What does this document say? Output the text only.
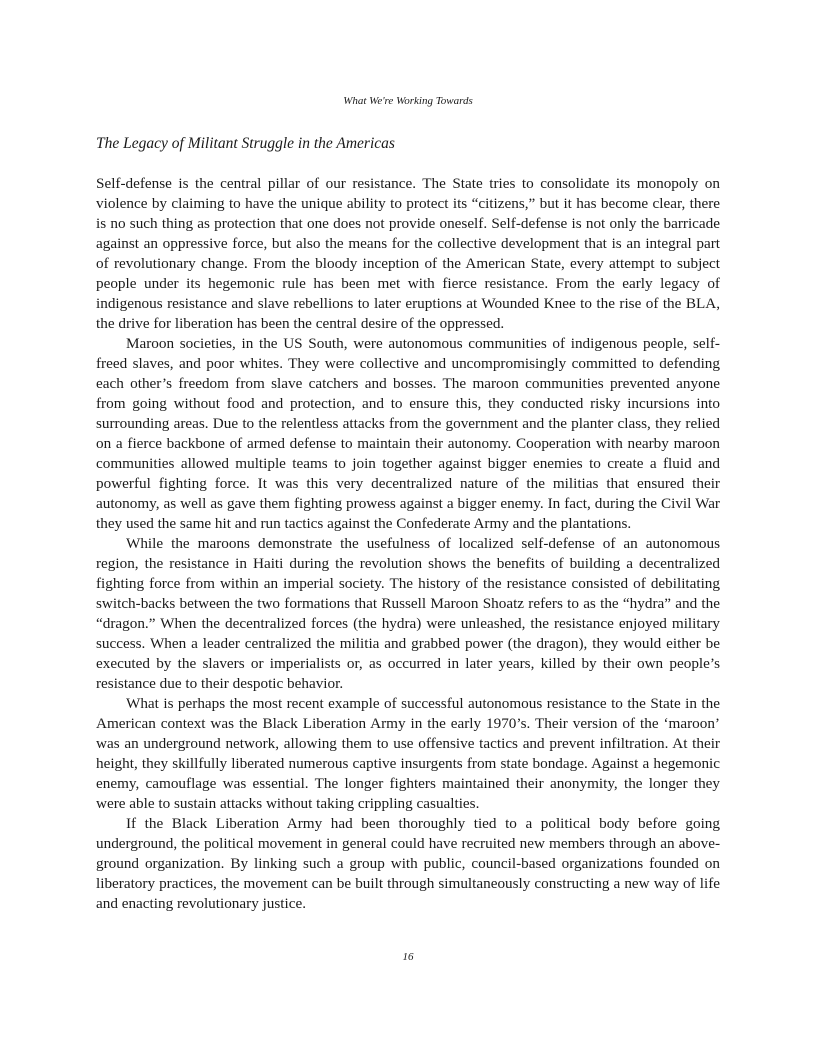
What We're Working Towards
The Legacy of Militant Struggle in the Americas

Self-defense is the central pillar of our resistance. The State tries to consolidate its monopoly on violence by claiming to have the unique ability to protect its “citizens,” but it has become clear, there is no such thing as protection that one does not provide oneself. Self-defense is not only the barricade against an oppressive force, but also the means for the collective development that is an integral part of revolutionary change. From the bloody inception of the American State, every attempt to subject people under its hegemonic rule has been met with fierce resistance. From the early legacy of indigenous resistance and slave rebellions to later eruptions at Wounded Knee to the rise of the BLA, the drive for liberation has been the central desire of the oppressed.

Maroon societies, in the US South, were autonomous communities of indigenous people, self-freed slaves, and poor whites. They were collective and uncompromisingly committed to defending each other’s freedom from slave catchers and bosses. The maroon communities prevented anyone from going without food and protection, and to ensure this, they conducted risky incursions into surrounding areas. Due to the relentless attacks from the government and the planter class, they relied on a fierce backbone of armed defense to maintain their autonomy. Cooperation with nearby maroon communities allowed multiple teams to join together against bigger enemies to create a fluid and powerful fighting force. It was this very decentralized nature of the militias that ensured their autonomy, as well as gave them fighting prowess against a bigger enemy. In fact, during the Civil War they used the same hit and run tactics against the Confederate Army and the plantations.

While the maroons demonstrate the usefulness of localized self-defense of an autonomous region, the resistance in Haiti during the revolution shows the benefits of building a decentralized fighting force from within an imperial society. The history of the resistance consisted of debilitating switch-backs between the two formations that Russell Maroon Shoatz refers to as the “hydra” and the “dragon.” When the decentralized forces (the hydra) were unleashed, the resistance enjoyed military success. When a leader centralized the militia and grabbed power (the dragon), they would either be executed by the slavers or imperialists or, as occurred in later years, killed by their own people’s resistance due to their despotic behavior.

What is perhaps the most recent example of successful autonomous resistance to the State in the American context was the Black Liberation Army in the early 1970’s. Their version of the ‘maroon’ was an underground network, allowing them to use offensive tactics and prevent infiltration. At their height, they skillfully liberated numerous captive insurgents from state bondage. Against a hegemonic enemy, camouflage was essential. The longer fighters maintained their anonymity, the longer they were able to sustain attacks without taking crippling casualties.

If the Black Liberation Army had been thoroughly tied to a political body before going underground, the political movement in general could have recruited new members through an above-ground organization. By linking such a group with public, council-based organizations founded on liberatory practices, the movement can be built through simultaneously constructing a new way of life and enacting revolutionary justice.

16
